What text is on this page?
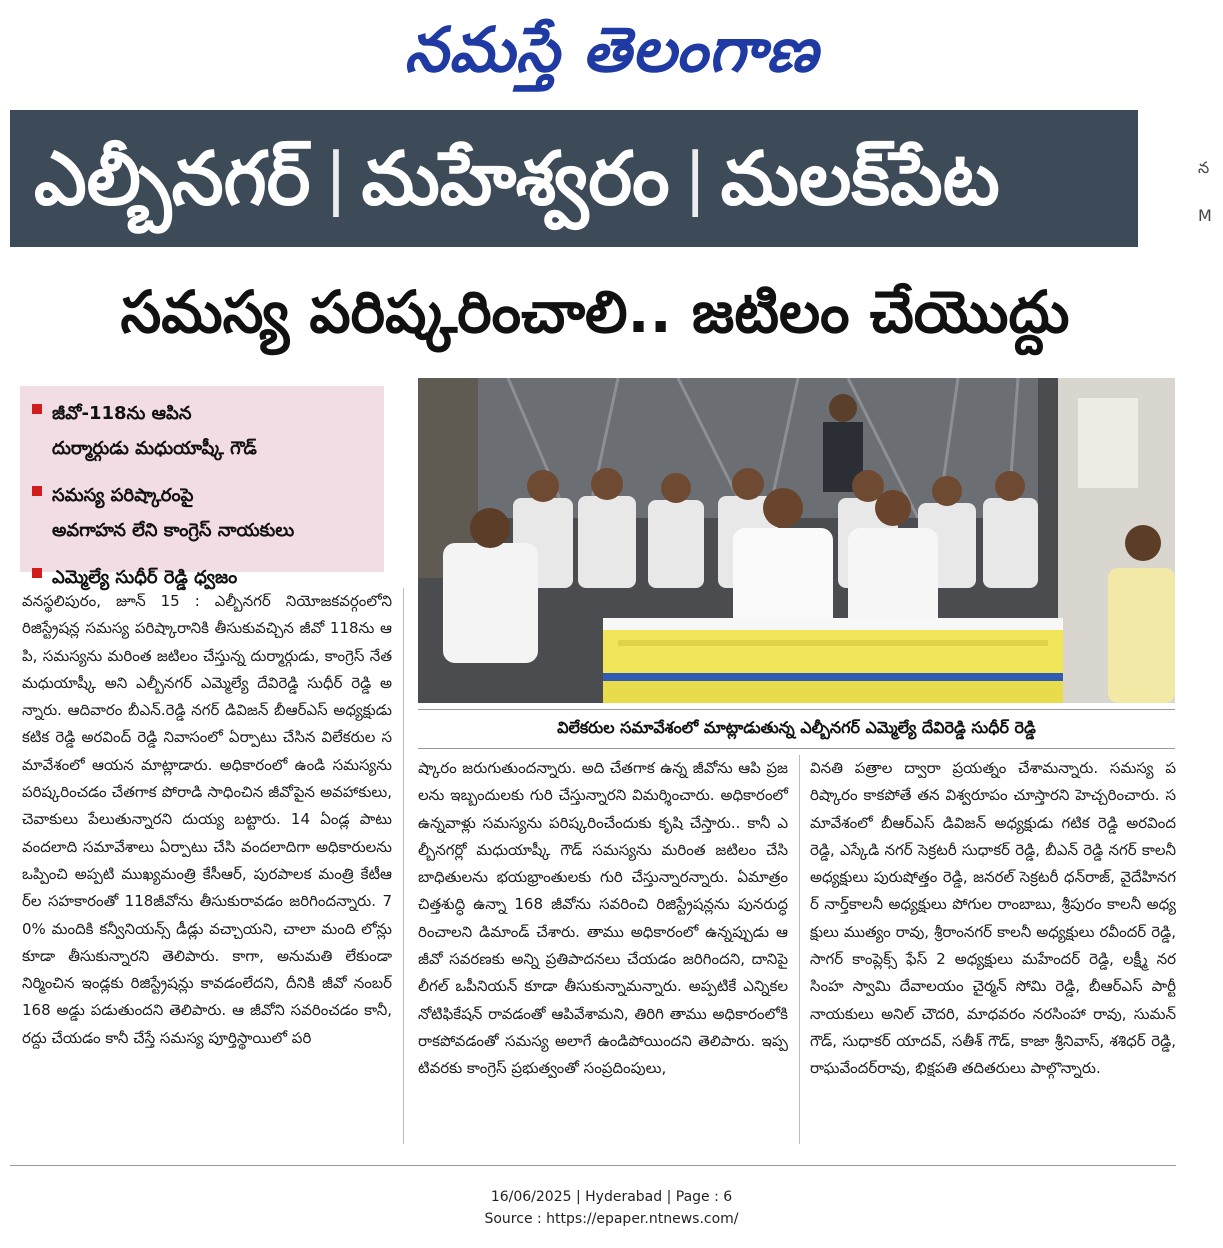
నమస్తే తెలంగాణ
ఎల్బీనగర్ | మహేశ్వరం | మలక్‌పేట	న
M
సమస్య పరిష్కరించాలి.. జటిలం చేయొద్దు
జీవో-118ను ఆపిన
దుర్మార్గుడు మధుయాష్కీ గౌడ్
సమస్య పరిష్కారంపై
అవగాహన లేని కాంగ్రెస్ నాయకులు
ఎమ్మెల్యే సుధీర్ రెడ్డి ధ్వజం
విలేకరుల సమావేశంలో మాట్లాడుతున్న ఎల్బీనగర్ ఎమ్మెల్యే దేవిరెడ్డి సుధీర్ రెడ్డి
వనస్థలిపురం, జూన్ 15 : ఎల్బీనగర్ నియోజకవర్గంలోని రిజిస్ట్రేషన్ల సమస్య పరిష్కారానికి తీసుకువచ్చిన జీవో 118ను ఆపి, సమస్యను మరింత జటిలం చేస్తున్న దుర్మార్గుడు, కాంగ్రెస్ నేత మధుయాష్కీ అని ఎల్బీనగర్ ఎమ్మెల్యే దేవిరెడ్డి సుధీర్ రెడ్డి అన్నారు. ఆదివారం బీఎన్.రెడ్డి నగర్ డివిజన్ బీఆర్ఎస్ అధ్యక్షుడు కటిక రెడ్డి అరవింద్ రెడ్డి నివాసంలో ఏర్పాటు చేసిన విలేకరుల సమావేశంలో ఆయన మాట్లాడారు. అధికారంలో ఉండి సమస్యను పరిష్కరించడం చేతగాక పోరాడి సాధించిన జీవోపైన అవహాకులు, చెవాకులు పేలుతున్నారని దుయ్య బట్టారు. 14 ఏండ్ల పాటు వందలాది సమావేశాలు ఏర్పాటు చేసి వందలాదిగా అధికారులను ఒప్పించి అప్పటి ముఖ్యమంత్రి కేసీఆర్, పురపాలక మంత్రి కేటీఆర్‌ల సహకారంతో 118జీవోను తీసుకురావడం జరిగిందన్నారు. 70% మందికి కన్వీనియన్స్ డీడ్లు వచ్చాయని, చాలా మంది లోన్లు కూడా తీసుకున్నారని తెలిపారు. కాగా, అనుమతి లేకుండా నిర్మించిన ఇండ్లకు రిజిస్ట్రేషన్లు కావడంలేదని, దీనికి జీవో నంబర్ 168 అడ్డు పడుతుందని తెలిపారు. ఆ జీవోని సవరించడం కానీ, రద్దు చేయడం కానీ చేస్తే సమస్య పూర్తిస్థాయిలో పరి
ష్కారం జరుగుతుందన్నారు. అది చేతగాక ఉన్న జీవోను ఆపి ప్రజలను ఇబ్బందులకు గురి చేస్తున్నారని విమర్శించారు. అధికారంలో ఉన్నవాళ్లు సమస్యను పరిష్కరించేందుకు కృషి చేస్తారు.. కానీ ఎల్బీనగర్లో మధుయాష్కీ గౌడ్ సమస్యను మరింత జటిలం చేసి బాధితులను భయభ్రాంతులకు గురి చేస్తున్నారన్నారు. ఏమాత్రం చిత్తశుద్ధి ఉన్నా 168 జీవోను సవరించి రిజిస్ట్రేషన్లను పునరుద్ధరించాలని డిమాండ్ చేశారు. తాము అధికారంలో ఉన్నప్పుడు ఆ జీవో సవరణకు అన్ని ప్రతిపాదనలు చేయడం జరిగిందని, దానిపై లీగల్ ఒపీనియన్ కూడా తీసుకున్నామన్నారు. అప్పటికే ఎన్నికల నోటిఫికేషన్ రావడంతో ఆపివేశామని, తిరిగి తాము అధికారంలోకి రాకపోవడంతో సమస్య అలాగే ఉండిపోయిందని తెలిపారు. ఇప్పటివరకు కాంగ్రెస్ ప్రభుత్వంతో సంప్రదింపులు,
వినతి పత్రాల ద్వారా ప్రయత్నం చేశామన్నారు. సమస్య పరిష్కారం కాకపోతే తన విశ్వరూపం చూస్తారని హెచ్చరించారు. సమావేశంలో బీఆర్ఎస్ డివిజన్ అధ్యక్షుడు గటిక రెడ్డి అరవింద రెడ్డి, ఎస్కేడి నగర్ సెక్రటరీ సుధాకర్ రెడ్డి, బీఎన్ రెడ్డి నగర్ కాలనీ అధ్యక్షులు పురుషోత్తం రెడ్డి, జనరల్ సెక్రటరీ ధన్‌రాజ్, వైదేహినగర్ నార్త్‌కాలనీ అధ్యక్షులు పోగుల రాంబాబు, శ్రీపురం కాలనీ అధ్యక్షులు ముత్యం రావు, శ్రీరాంనగర్ కాలనీ అధ్యక్షులు రవీందర్ రెడ్డి, సాగర్ కాంప్లెక్స్ ఫేస్ 2 అధ్యక్షులు మహేందర్ రెడ్డి, లక్ష్మీ నరసింహ స్వామి దేవాలయం చైర్మన్ సోమి రెడ్డి, బీఆర్ఎస్ పార్టీ నాయకులు అనిల్ చౌదరి, మాధవరం నరసింహా రావు, సుమన్ గౌడ్, సుధాకర్ యాదవ్, సతీశ్ గౌడ్, కాజా శ్రీనివాస్, శశిధర్ రెడ్డి, రాఘవేందర్‌రావు, భిక్షపతి తదితరులు పాల్గొన్నారు.
16/06/2025 | Hyderabad | Page : 6
Source : https://epaper.ntnews.com/
